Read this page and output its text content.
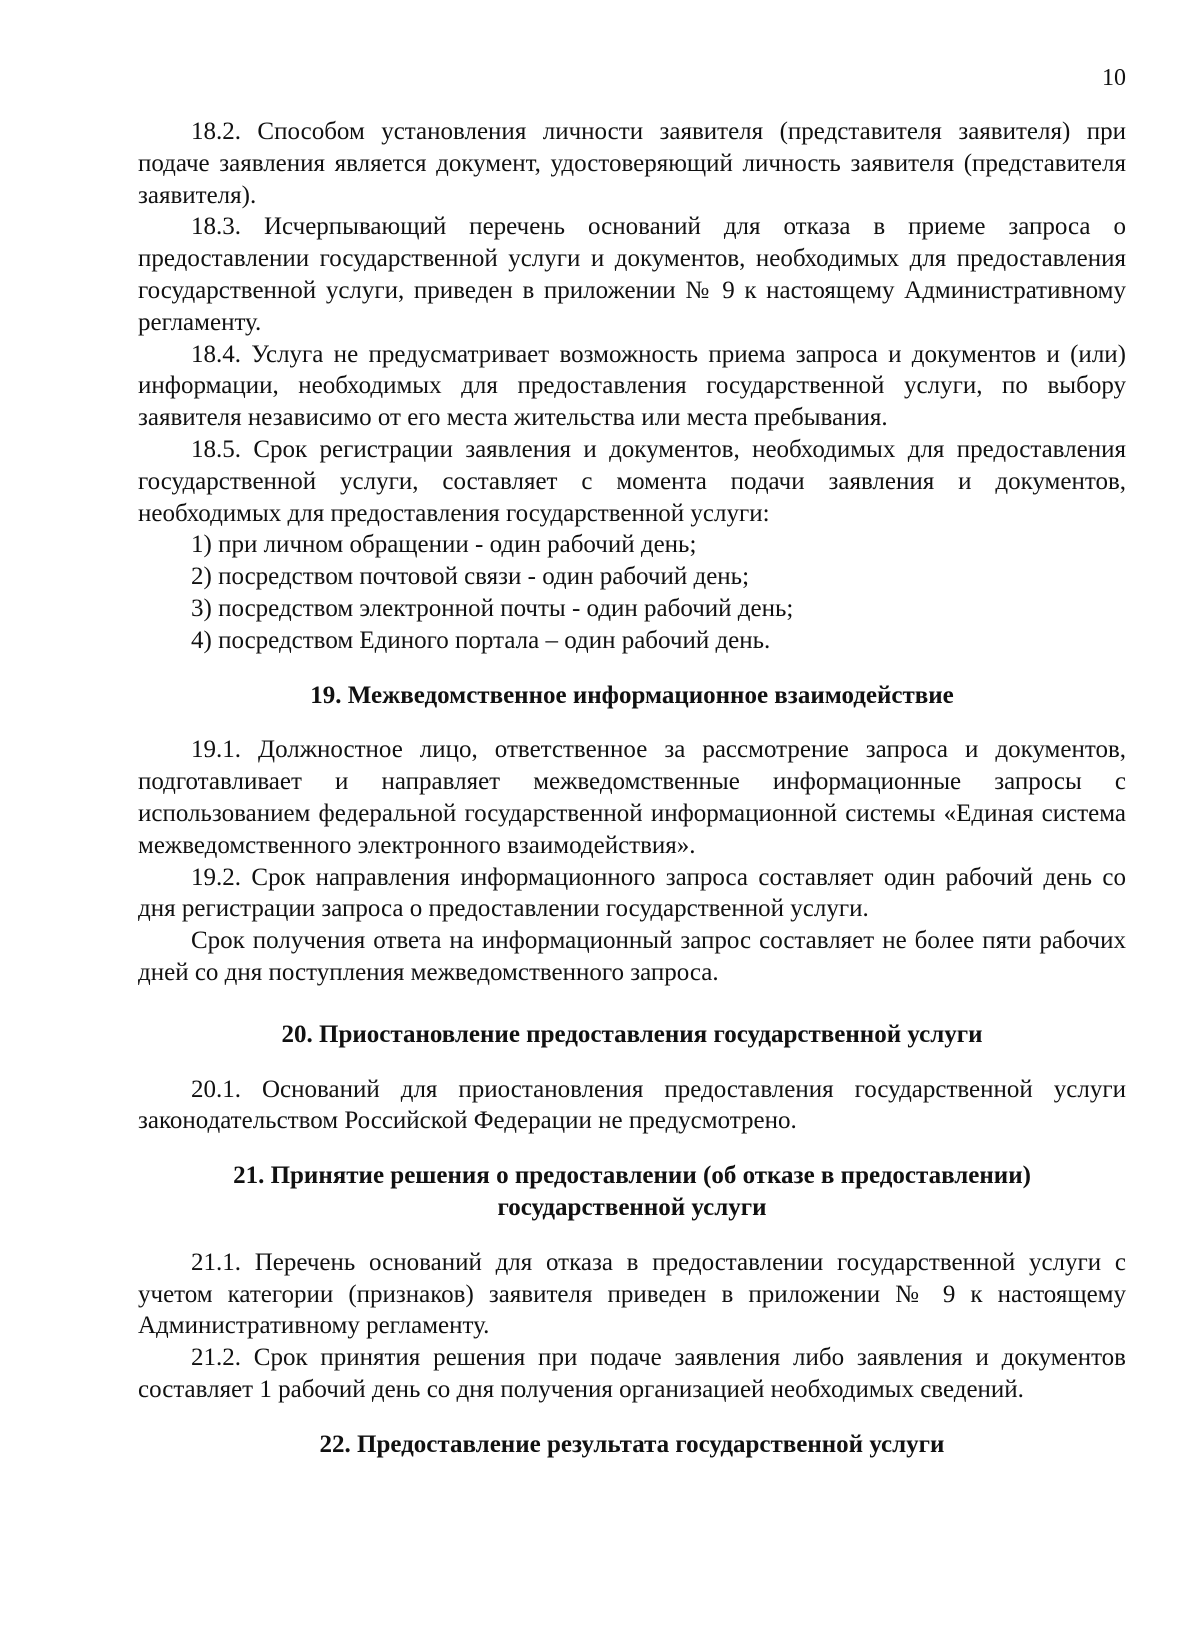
10

18.2. Способом установления личности заявителя (представителя заявителя) при подаче заявления является документ, удостоверяющий личность заявителя (представителя заявителя).

18.3. Исчерпывающий перечень оснований для отказа в приеме запроса о предоставлении государственной услуги и документов, необходимых для предоставления государственной услуги, приведен в приложении № 9 к настоящему Административному регламенту.

18.4. Услуга не предусматривает возможность приема запроса и документов и (или) информации, необходимых для предоставления государственной услуги, по выбору заявителя независимо от его места жительства или места пребывания.

18.5. Срок регистрации заявления и документов, необходимых для предоставления государственной услуги, составляет с момента подачи заявления и документов, необходимых для предоставления государственной услуги:

1) при личном обращении - один рабочий день;

2) посредством почтовой связи - один рабочий день;

3) посредством электронной почты - один рабочий день;

4) посредством Единого портала – один рабочий день.

19. Межведомственное информационное взаимодействие

19.1. Должностное лицо, ответственное за рассмотрение запроса и документов, подготавливает и направляет межведомственные информационные запросы с использованием федеральной государственной информационной системы «Единая система межведомственного электронного взаимодействия».

19.2. Срок направления информационного запроса составляет один рабочий день со дня регистрации запроса о предоставлении государственной услуги.

Срок получения ответа на информационный запрос составляет не более пяти рабочих дней со дня поступления межведомственного запроса.

20. Приостановление предоставления государственной услуги

20.1. Оснований для приостановления предоставления государственной услуги законодательством Российской Федерации не предусмотрено.

21. Принятие решения о предоставлении (об отказе в предоставлении)
государственной услуги

21.1. Перечень оснований для отказа в предоставлении государственной услуги с учетом категории (признаков) заявителя приведен в приложении № 9 к настоящему Административному регламенту.

21.2. Срок принятия решения при подаче заявления либо заявления и документов составляет 1 рабочий день со дня получения организацией необходимых сведений.

22. Предоставление результата государственной услуги
